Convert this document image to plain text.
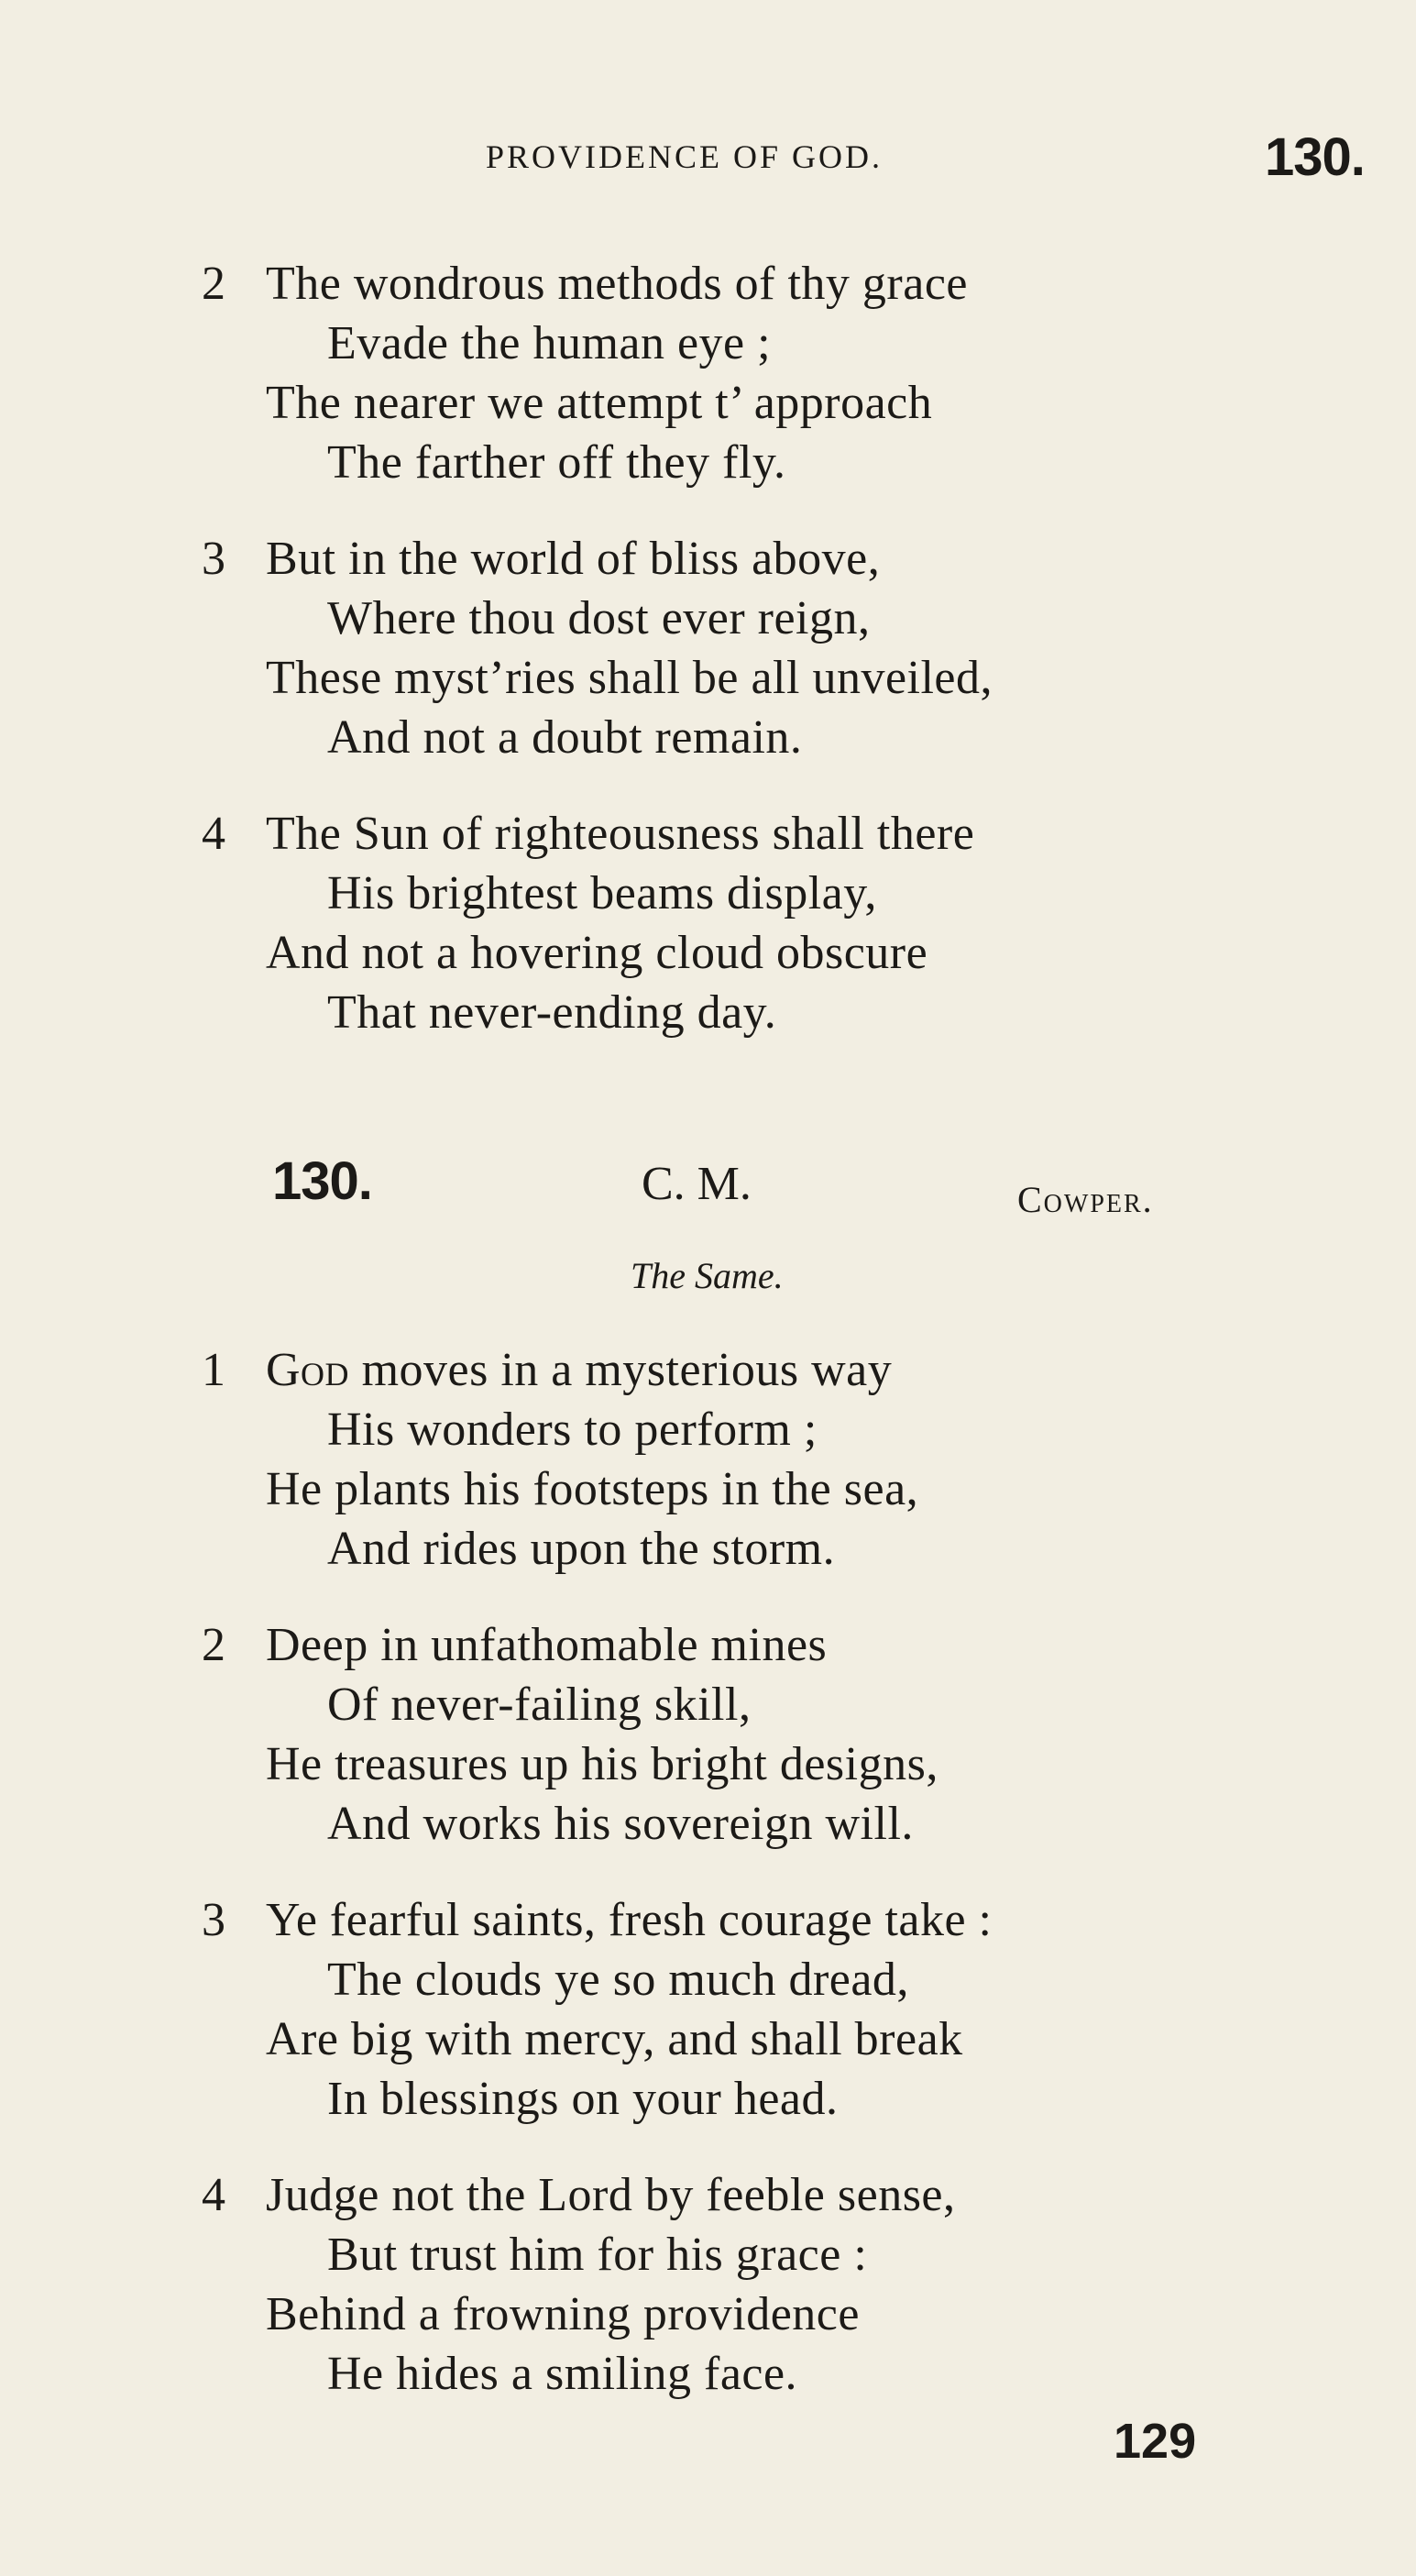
PROVIDENCE OF GOD.	130.
2 The wondrous methods of thy grace
Evade the human eye ;
The nearer we attempt t’ approach
The farther off they fly.
3 But in the world of bliss above,
Where thou dost ever reign,
These myst’ries shall be all unveiled,
And not a doubt remain.
4 The Sun of righteousness shall there
His brightest beams display,
And not a hovering cloud obscure
That never-ending day.
130.	C. M.	Cowper.
The Same.
1 God moves in a mysterious way
His wonders to perform ;
He plants his footsteps in the sea,
And rides upon the storm.
2 Deep in unfathomable mines
Of never-failing skill,
He treasures up his bright designs,
And works his sovereign will.
3 Ye fearful saints, fresh courage take :
The clouds ye so much dread,
Are big with mercy, and shall break
In blessings on your head.
4 Judge not the Lord by feeble sense,
But trust him for his grace :
Behind a frowning providence
He hides a smiling face.
129
